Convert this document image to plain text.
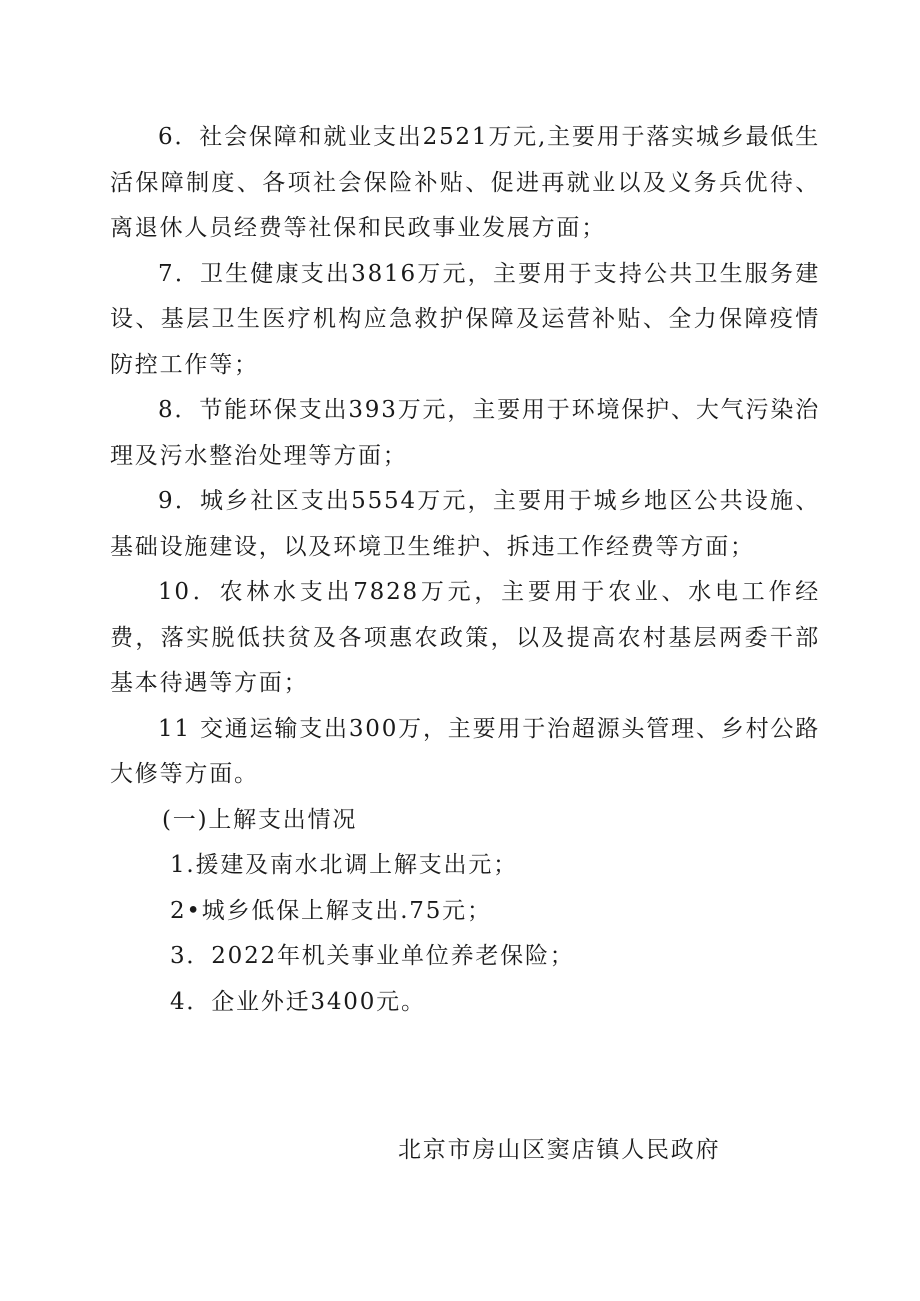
6．社会保障和就业支出2521万元,主要用于落实城乡最低生活保障制度、各项社会保险补贴、促进再就业以及义务兵优待、离退休人员经费等社保和民政事业发展方面；

7．卫生健康支出3816万元，主要用于支持公共卫生服务建设、基层卫生医疗机构应急救护保障及运营补贴、全力保障疫情防控工作等；

8．节能环保支出393万元，主要用于环境保护、大气污染治理及污水整治处理等方面；

9．城乡社区支出5554万元，主要用于城乡地区公共设施、基础设施建设，以及环境卫生维护、拆违工作经费等方面；

10．农林水支出7828万元，主要用于农业、水电工作经费，落实脱低扶贫及各项惠农政策，以及提高农村基层两委干部基本待遇等方面；

11 交通运输支出300万，主要用于治超源头管理、乡村公路大修等方面。

(一)上解支出情况

1.援建及南水北调上解支出元；

2•城乡低保上解支出.75元；

3．2022年机关事业单位养老保险；

4．企业外迁3400元。

北京市房山区窦店镇人民政府
